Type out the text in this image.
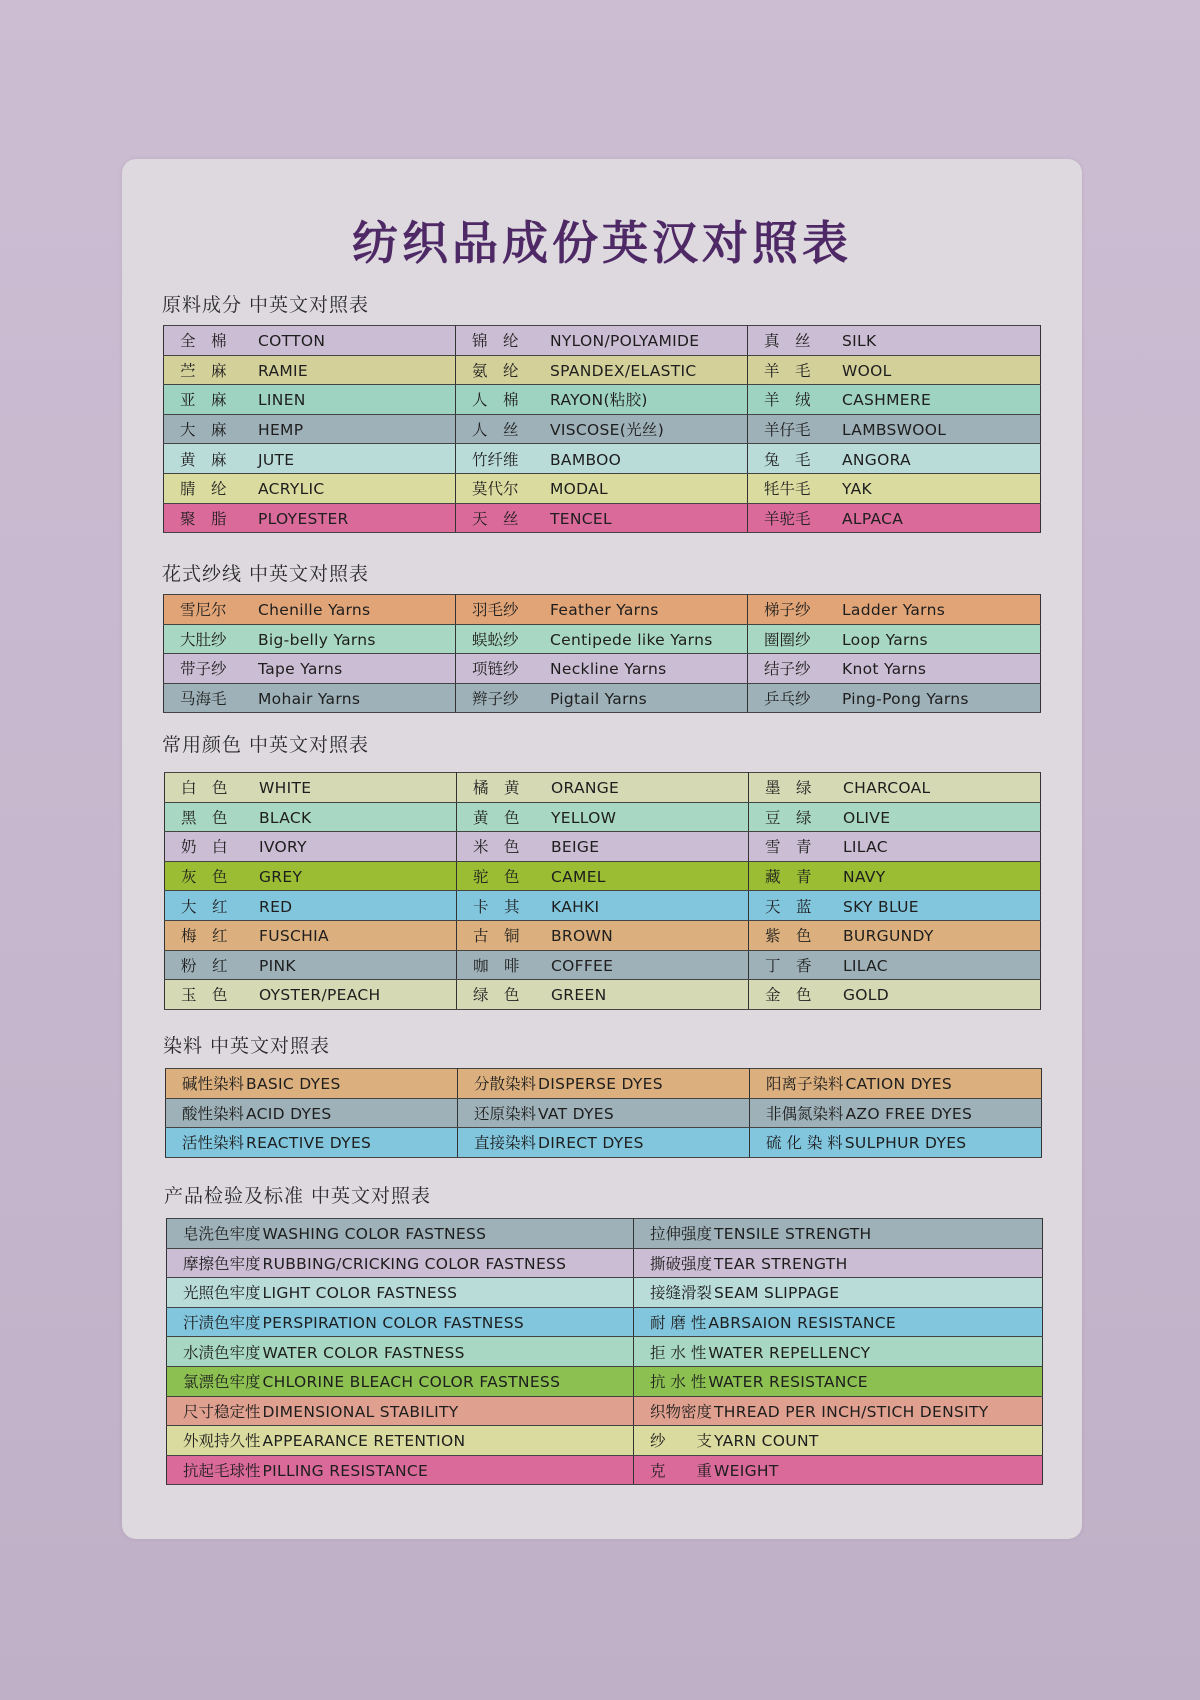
纺织品成份英汉对照表
原料成分 中英文对照表
全　棉 COTTON	锦　纶 NYLON/POLYAMIDE	真　丝 SILK
苎　麻 RAMIE	氨　纶 SPANDEX/ELASTIC	羊　毛 WOOL
亚　麻 LINEN	人　棉 RAYON(粘胶)	羊　绒 CASHMERE
大　麻 HEMP	人　丝 VISCOSE(光丝)	羊仔毛 LAMBSWOOL
黄　麻 JUTE	竹纤维 BAMBOO	兔　毛 ANGORA
腈　纶 ACRYLIC	莫代尔 MODAL	牦牛毛 YAK
聚　脂 PLOYESTER	天　丝 TENCEL	羊驼毛 ALPACA
花式纱线 中英文对照表
雪尼尔 Chenille Yarns	羽毛纱 Feather Yarns	梯子纱 Ladder Yarns
大肚纱 Big-belly Yarns	蜈蚣纱 Centipede like Yarns	圈圈纱 Loop Yarns
带子纱 Tape Yarns	项链纱 Neckline Yarns	结子纱 Knot Yarns
马海毛 Mohair Yarns	辫子纱 Pigtail Yarns	乒乓纱 Ping-Pong Yarns
常用颜色 中英文对照表
白　色 WHITE	橘　黄 ORANGE	墨　绿 CHARCOAL
黑　色 BLACK	黄　色 YELLOW	豆　绿 OLIVE
奶　白 IVORY	米　色 BEIGE	雪　青 LILAC
灰　色 GREY	驼　色 CAMEL	藏　青 NAVY
大　红 RED	卡　其 KAHKI	天　蓝 SKY BLUE
梅　红 FUSCHIA	古　铜 BROWN	紫　色 BURGUNDY
粉　红 PINK	咖　啡 COFFEE	丁　香 LILAC
玉　色 OYSTER/PEACH	绿　色 GREEN	金　色 GOLD
染料 中英文对照表
碱性染料 BASIC DYES	分散染料 DISPERSE DYES	阳离子染料 CATION DYES
酸性染料 ACID DYES	还原染料 VAT DYES	非偶氮染料 AZO FREE DYES
活性染料 REACTIVE DYES	直接染料 DIRECT DYES	硫 化 染 料 SULPHUR DYES
产品检验及标准 中英文对照表
皂洗色牢度 WASHING COLOR FASTNESS	拉伸强度 TENSILE STRENGTH
摩擦色牢度 RUBBING/CRICKING COLOR FASTNESS	撕破强度 TEAR STRENGTH
光照色牢度 LIGHT COLOR FASTNESS	接缝滑裂 SEAM SLIPPAGE
汗渍色牢度 PERSPIRATION COLOR FASTNESS	耐 磨 性 ABRSAION RESISTANCE
水渍色牢度 WATER COLOR FASTNESS	拒 水 性 WATER REPELLENCY
氯漂色牢度 CHLORINE BLEACH COLOR FASTNESS	抗 水 性 WATER RESISTANCE
尺寸稳定性 DIMENSIONAL STABILITY	织物密度 THREAD PER INCH/STICH DENSITY
外观持久性 APPEARANCE RETENTION	纱　　支 YARN COUNT
抗起毛球性 PILLING RESISTANCE	克　　重 WEIGHT
